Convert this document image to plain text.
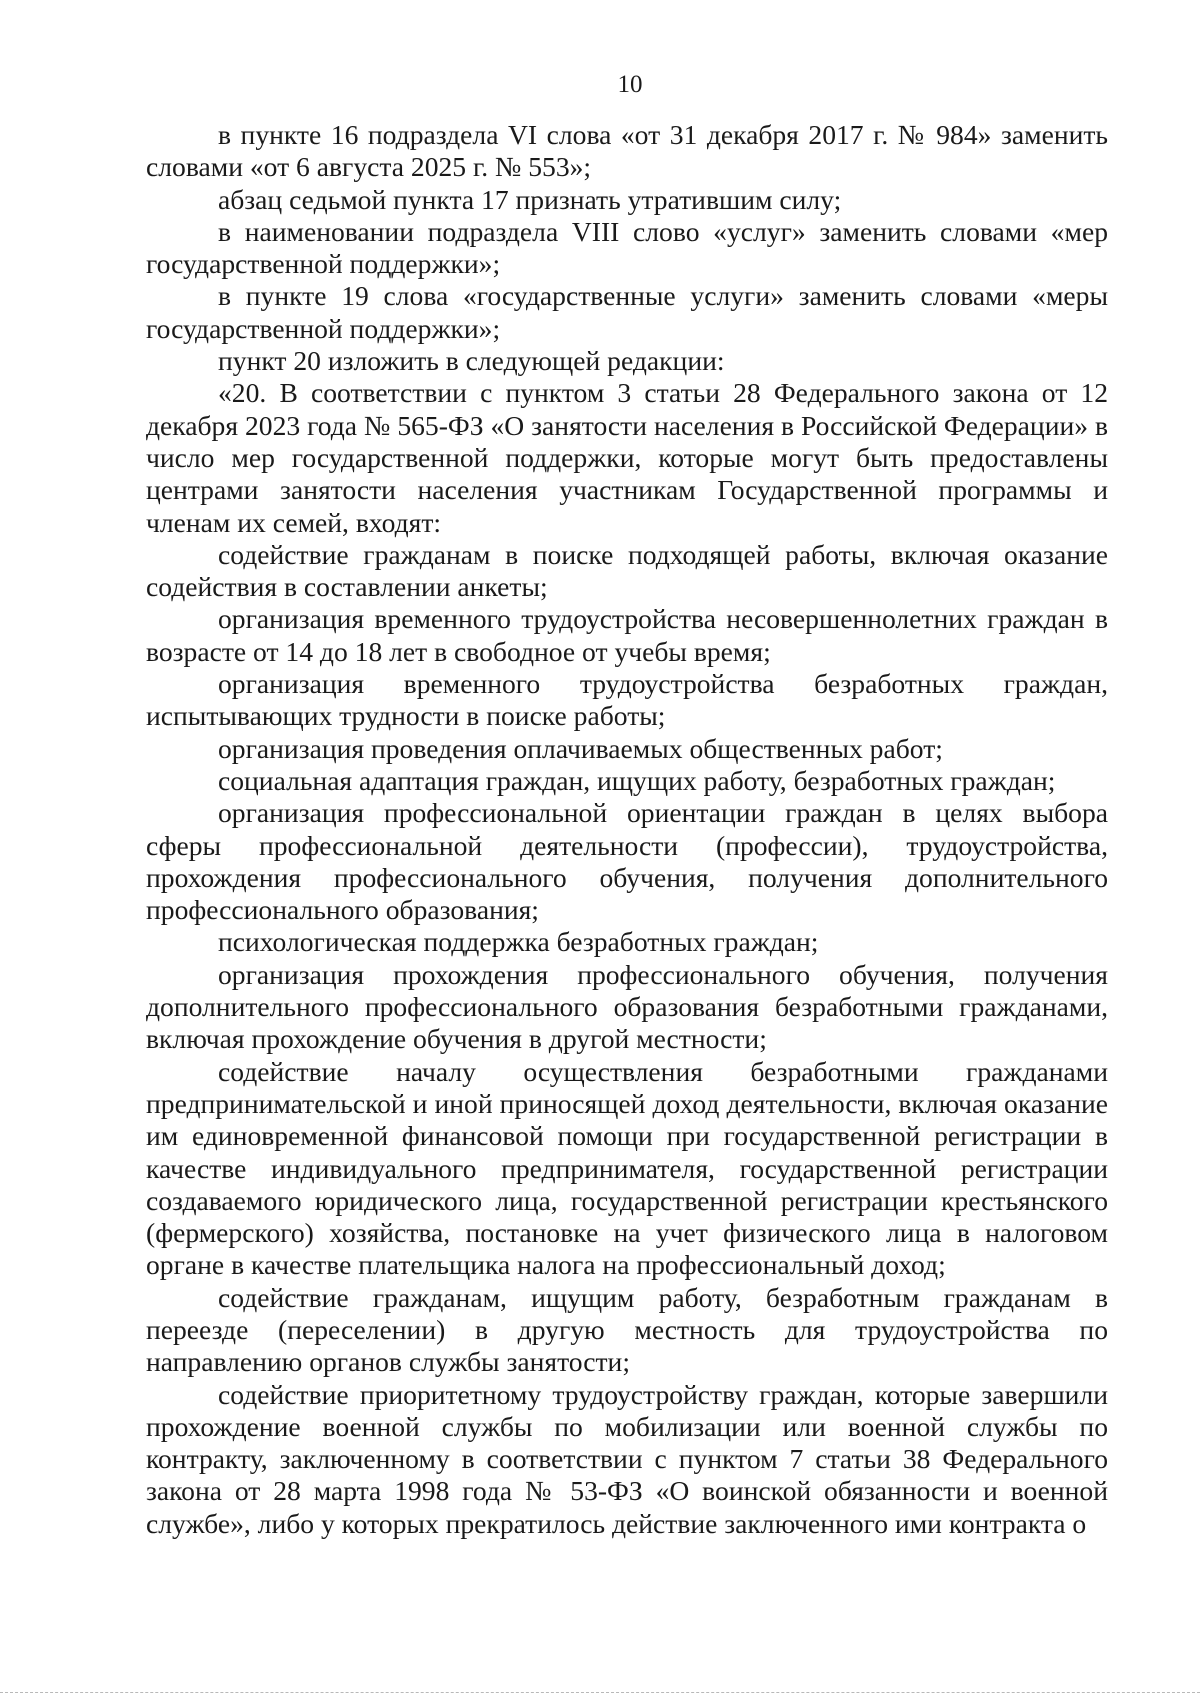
10

в пункте 16 подраздела VI слова «от 31 декабря 2017 г. № 984» заменить словами «от 6 августа 2025 г. № 553»;

абзац седьмой пункта 17 признать утратившим силу;

в наименовании подраздела VIII слово «услуг» заменить словами «мер государственной поддержки»;

в пункте 19 слова «государственные услуги» заменить словами «меры государственной поддержки»;

пункт 20 изложить в следующей редакции:

«20. В соответствии с пунктом 3 статьи 28 Федерального закона от 12 декабря 2023 года № 565-ФЗ «О занятости населения в Российской Федерации» в число мер государственной поддержки, которые могут быть предоставлены центрами занятости населения участникам Государственной программы и членам их семей, входят:

содействие гражданам в поиске подходящей работы, включая оказание содействия в составлении анкеты;

организация временного трудоустройства несовершеннолетних граждан в возрасте от 14 до 18 лет в свободное от учебы время;

организация временного трудоустройства безработных граждан, испытывающих трудности в поиске работы;

организация проведения оплачиваемых общественных работ;

социальная адаптация граждан, ищущих работу, безработных граждан;

организация профессиональной ориентации граждан в целях выбора сферы профессиональной деятельности (профессии), трудоустройства, прохождения профессионального обучения, получения дополнительного профессионального образования;

психологическая поддержка безработных граждан;

организация прохождения профессионального обучения, получения дополнительного профессионального образования безработными гражданами, включая прохождение обучения в другой местности;

содействие началу осуществления безработными гражданами предпринимательской и иной приносящей доход деятельности, включая оказание им единовременной финансовой помощи при государственной регистрации в качестве индивидуального предпринимателя, государственной регистрации создаваемого юридического лица, государственной регистрации крестьянского (фермерского) хозяйства, постановке на учет физического лица в налоговом органе в качестве плательщика налога на профессиональный доход;

содействие гражданам, ищущим работу, безработным гражданам в переезде (переселении) в другую местность для трудоустройства по направлению органов службы занятости;

содействие приоритетному трудоустройству граждан, которые завершили прохождение военной службы по мобилизации или военной службы по контракту, заключенному в соответствии с пунктом 7 статьи 38 Федерального закона от 28 марта 1998 года № 53-ФЗ «О воинской обязанности и военной службе», либо у которых прекратилось действие заключенного ими контракта о
